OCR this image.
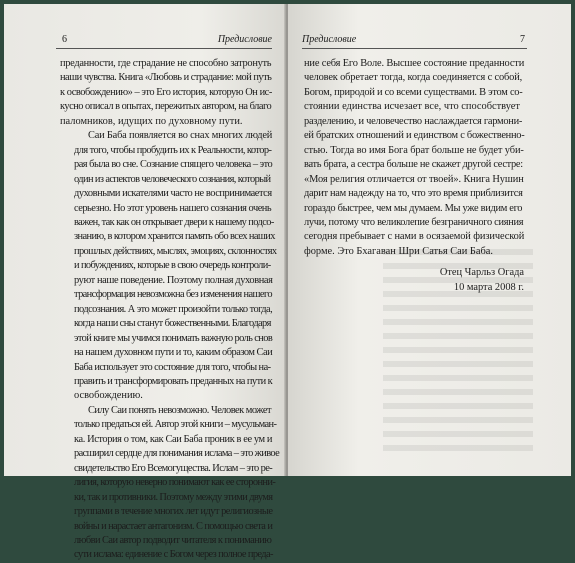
6	Предисловие

преданности, где страдание не способно затронуть
наши чувства. Книга «Любовь и страдание: мой путь
к освобождению» – это Его история, которую Он ис-
кусно описал в опытах, пережитых автором, на благо
паломников, идущих по духовному пути.

Саи Баба появляется во снах многих людей
для того, чтобы пробудить их к Реальности, котор-
рая была во сне. Сознание спящего человека – это
один из аспектов человеческого сознания, который
духовными искателями часто не воспринимается
серьезно. Но этот уровень нашего сознания очень
важен, так как он открывает двери к нашему подсо-
знанию, в котором хранится память обо всех наших
прошлых действиях, мыслях, эмоциях, склонностях
и побуждениях, которые в свою очередь контроли-
руют наше поведение. Поэтому полная духовная
трансформация невозможна без изменения нашего
подсознания. А это может произойти только тогда,
когда наши сны станут божественными. Благодаря
этой книге мы учимся понимать важную роль снов
на нашем духовном пути и то, каким образом Саи
Баба использует это состояние для того, чтобы на-
править и трансформировать преданных на пути к
освобождению.

Силу Саи понять невозможно. Человек может
только предаться ей. Автор этой книги – мусульман-
ка. История о том, как Саи Баба проник в ее ум и
расширил сердце для понимания ислама – это живое
свидетельство Его Всемогущества. Ислам – это ре-
лигия, которую неверно понимают как ее сторонни-
ки, так и противники. Поэтому между этими двумя
группами в течение многих лет идут религиозные
войны и нарастает антагонизм. С помощью света и
любви Саи автор подводит читателя к пониманию
сути ислама: единение с Богом через полное преда-

Предисловие	7

ние себя Его Воле. Высшее состояние преданности
человек обретает тогда, когда соединяется с собой,
Богом, природой и со всеми существами. В этом со-
стоянии единства исчезает все, что способствует
разделению, и человечество наслаждается гармони-
ей братских отношений и единством с божественно-
стью. Тогда во имя Бога брат больше не будет уби-
вать брата, а сестра больше не скажет другой сестре:
«Моя религия отличается от твоей». Книга Нушин
дарит нам надежду на то, что это время приблизится
гораздо быстрее, чем мы думаем. Мы уже видим его
лучи, потому что великолепие безграничного сияния
сегодня пребывает с нами в осязаемой физической
форме. Это Бхагаван Шри Сатья Саи Баба.

Отец Чарльз Огада
10 марта 2008 г.
